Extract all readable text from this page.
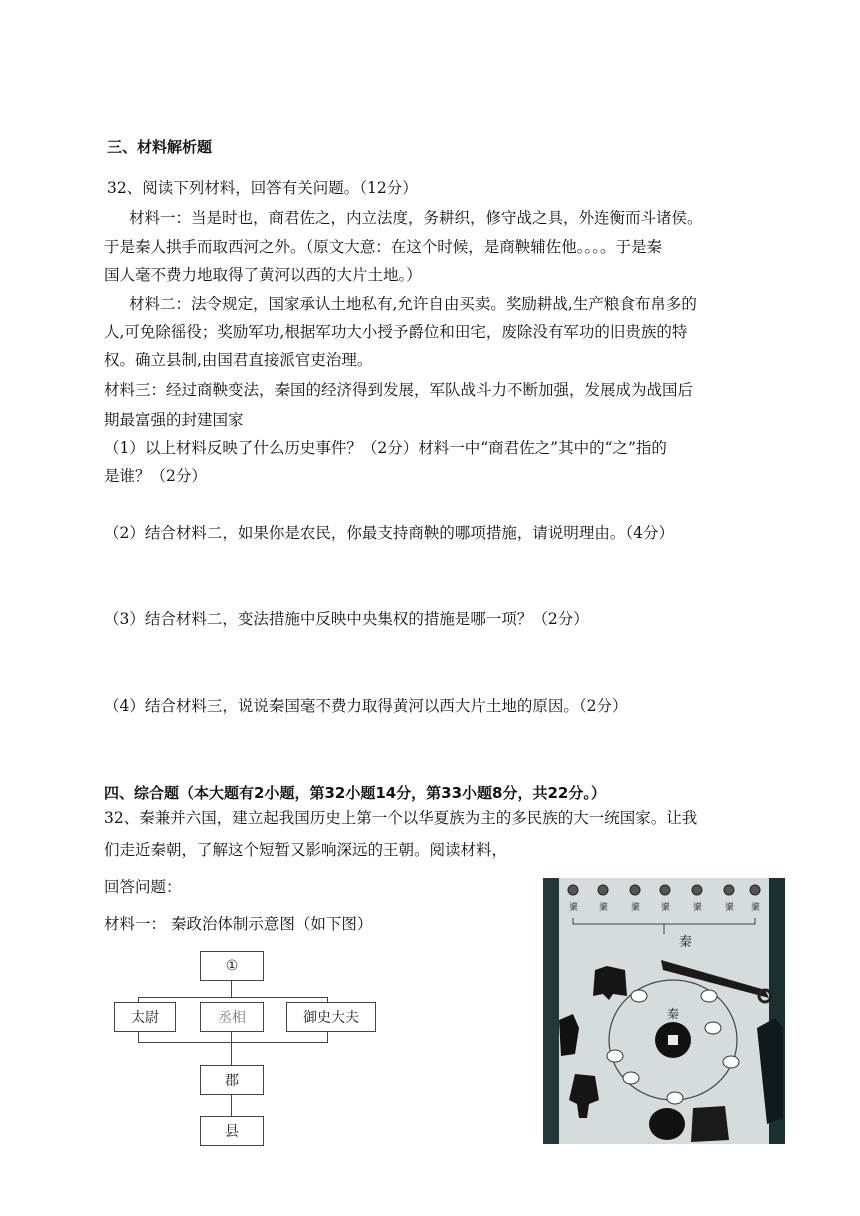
三、材料解析题
32、阅读下列材料，回答有关问题。（12分）
材料一：当是时也，商君佐之，内立法度，务耕织，修守战之具，外连衡而斗诸侯。
于是秦人拱手而取西河之外。（原文大意：在这个时候，是商鞅辅佐他。。。。于是秦
国人毫不费力地取得了黄河以西的大片土地。）
材料二：法令规定，国家承认土地私有,允许自由买卖。奖励耕战,生产粮食布帛多的
人,可免除徭役；奖励军功,根据军功大小授予爵位和田宅，废除没有军功的旧贵族的特
权。确立县制,由国君直接派官吏治理。
材料三：经过商鞅变法，秦国的经济得到发展，军队战斗力不断加强，发展成为战国后
期最富强的封建国家
（1）以上材料反映了什么历史事件？（2分）材料一中“商君佐之”其中的“之”指的
是谁？（2分）
（2）结合材料二，如果你是农民，你最支持商鞅的哪项措施，请说明理由。（4分）
（3）结合材料二，变法措施中反映中央集权的措施是哪一项？（2分）
（4）结合材料三，说说秦国毫不费力取得黄河以西大片土地的原因。（2分）
四、综合题（本大题有2小题，第32小题14分，第33小题8分，共22分。）
32、秦兼并六国，建立起我国历史上第一个以华夏族为主的多民族的大一统国家。让我
们走近秦朝，了解这个短暂又影响深远的王朝。阅读材料，
回答问题：
材料一： 秦政治体制示意图（如下图）
①
太尉	丞相	御史大夫
郡
县
䆃 䆃	䆃 䆃	䆃	䆃 䆃
秦
秦
